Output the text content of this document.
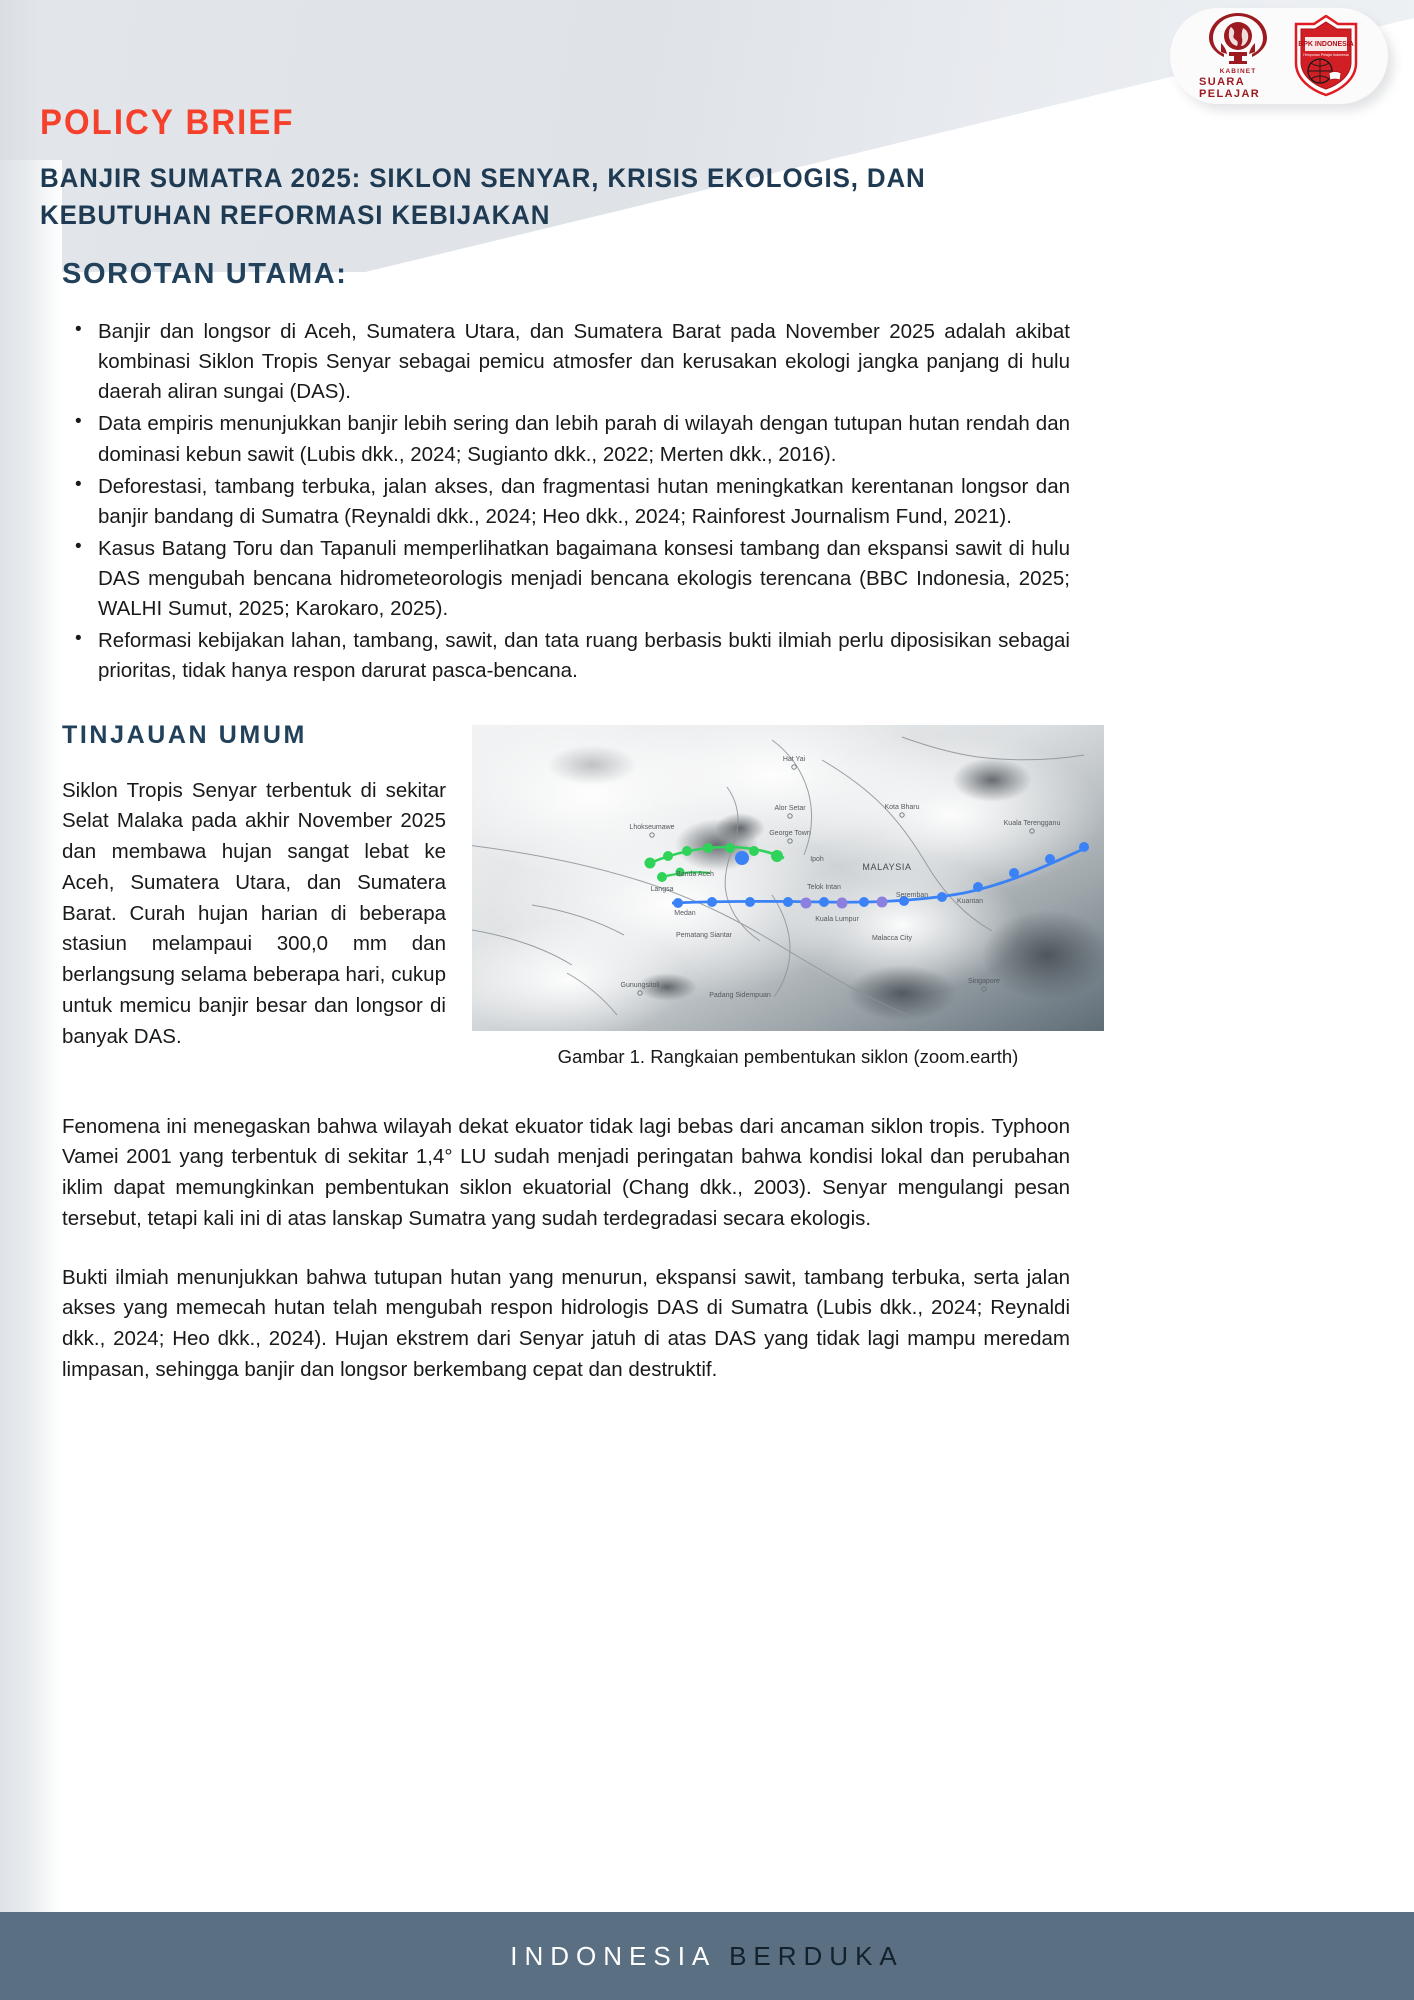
KABINET
SUARA PELAJAR
BPK INDONESIA
Himpunan Pelajar Indonesia
POLICY BRIEF
BANJIR SUMATRA 2025: SIKLON SENYAR, KRISIS EKOLOGIS, DAN KEBUTUHAN REFORMASI KEBIJAKAN
SOROTAN UTAMA:
• Banjir dan longsor di Aceh, Sumatera Utara, dan Sumatera Barat pada November 2025 adalah akibat kombinasi Siklon Tropis Senyar sebagai pemicu atmosfer dan kerusakan ekologi jangka panjang di hulu daerah aliran sungai (DAS).
• Data empiris menunjukkan banjir lebih sering dan lebih parah di wilayah dengan tutupan hutan rendah dan dominasi kebun sawit (Lubis dkk., 2024; Sugianto dkk., 2022; Merten dkk., 2016).
• Deforestasi, tambang terbuka, jalan akses, dan fragmentasi hutan meningkatkan kerentanan longsor dan banjir bandang di Sumatra (Reynaldi dkk., 2024; Heo dkk., 2024; Rainforest Journalism Fund, 2021).
• Kasus Batang Toru dan Tapanuli memperlihatkan bagaimana konsesi tambang dan ekspansi sawit di hulu DAS mengubah bencana hidrometeorologis menjadi bencana ekologis terencana (BBC Indonesia, 2025; WALHI Sumut, 2025; Karokaro, 2025).
• Reformasi kebijakan lahan, tambang, sawit, dan tata ruang berbasis bukti ilmiah perlu diposisikan sebagai prioritas, tidak hanya respon darurat pasca-bencana.
TINJAUAN UMUM

Siklon Tropis Senyar terbentuk di sekitar Selat Malaka pada akhir November 2025 dan membawa hujan sangat lebat ke Aceh, Sumatera Utara, dan Sumatera Barat. Curah hujan harian di beberapa stasiun melampaui 300,0 mm dan berlangsung selama beberapa hari, cukup untuk memicu banjir besar dan longsor di banyak DAS.

Hat Yai
Alor Setar	Kota Bharu
George Town
Kuala Terengganu
Lhokseumawe
Ipoh
MALAYSIA
Langsa
Banda Aceh
Medan
Telok Intan
Seremban
Kuantan
Kuala Lumpur
Pematang Siantar	Malacca City
Gunungsitoli
Padang Sidempuan
Singapore
Gambar 1. Rangkaian pembentukan siklon (zoom.earth)

Fenomena ini menegaskan bahwa wilayah dekat ekuator tidak lagi bebas dari ancaman siklon tropis. Typhoon Vamei 2001 yang terbentuk di sekitar 1,4° LU sudah menjadi peringatan bahwa kondisi lokal dan perubahan iklim dapat memungkinkan pembentukan siklon ekuatorial (Chang dkk., 2003). Senyar mengulangi pesan tersebut, tetapi kali ini di atas lanskap Sumatra yang sudah terdegradasi secara ekologis.

Bukti ilmiah menunjukkan bahwa tutupan hutan yang menurun, ekspansi sawit, tambang terbuka, serta jalan akses yang memecah hutan telah mengubah respon hidrologis DAS di Sumatra (Lubis dkk., 2024; Reynaldi dkk., 2024; Heo dkk., 2024). Hujan ekstrem dari Senyar jatuh di atas DAS yang tidak lagi mampu meredam limpasan, sehingga banjir dan longsor berkembang cepat dan destruktif.

INDONESIA BERDUKA
